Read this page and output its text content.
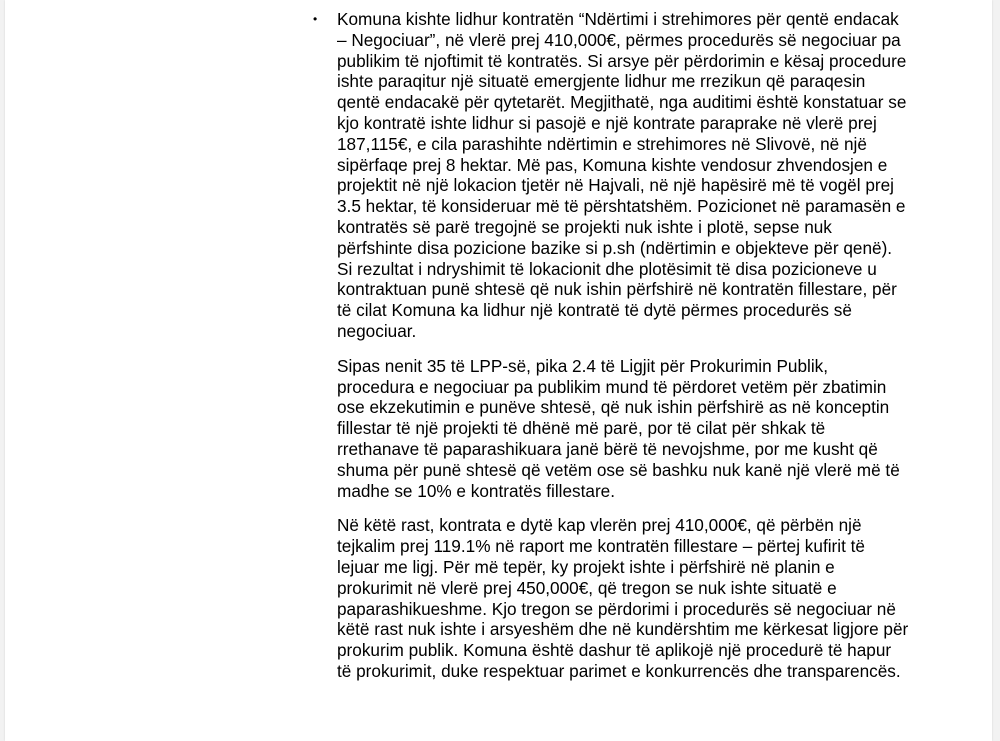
• Komuna kishte lidhur kontratën “Ndërtimi i strehimores për qentë endacak – Negociuar”, në vlerë prej 410,000€, përmes procedurës së negociuar pa publikim të njoftimit të kontratës. Si arsye për përdorimin e kësaj procedure ishte paraqitur një situatë emergjente lidhur me rrezikun që paraqesin qentë endacakë për qytetarët. Megjithatë, nga auditimi është konstatuar se kjo kontratë ishte lidhur si pasojë e një kontrate paraprake në vlerë prej 187,115€, e cila parashihte ndërtimin e strehimores në Slivovë, në një sipërfaqe prej 8 hektar. Më pas, Komuna kishte vendosur zhvendosjen e projektit në një lokacion tjetër në Hajvali, në një hapësirë më të vogël prej 3.5 hektar, të konsideruar më të përshtatshëm. Pozicionet në paramasën e kontratës së parë tregojnë se projekti nuk ishte i plotë, sepse nuk përfshinte disa pozicione bazike si p.sh (ndërtimin e objekteve për qenë). Si rezultat i ndryshimit të lokacionit dhe plotësimit të disa pozicioneve u kontraktuan punë shtesë që nuk ishin përfshirë në kontratën fillestare, për të cilat Komuna ka lidhur një kontratë të dytë përmes procedurës së negociuar.

Sipas nenit 35 të LPP-së, pika 2.4 të Ligjit për Prokurimin Publik, procedura e negociuar pa publikim mund të përdoret vetëm për zbatimin ose ekzekutimin e punëve shtesë, që nuk ishin përfshirë as në konceptin fillestar të një projekti të dhënë më parë, por të cilat për shkak të rrethanave të paparashikuara janë bërë të nevojshme, por me kusht që shuma për punë shtesë që vetëm ose së bashku nuk kanë një vlerë më të madhe se 10% e kontratës fillestare.

Në këtë rast, kontrata e dytë kap vlerën prej 410,000€, që përbën një tejkalim prej 119.1% në raport me kontratën fillestare – përtej kufirit të lejuar me ligj. Për më tepër, ky projekt ishte i përfshirë në planin e prokurimit në vlerë prej 450,000€, që tregon se nuk ishte situatë e paparashikueshme. Kjo tregon se përdorimi i procedurës së negociuar në këtë rast nuk ishte i arsyeshëm dhe në kundërshtim me kërkesat ligjore për prokurim publik. Komuna është dashur të aplikojë një procedurë të hapur të prokurimit, duke respektuar parimet e konkurrencës dhe transparencës.
